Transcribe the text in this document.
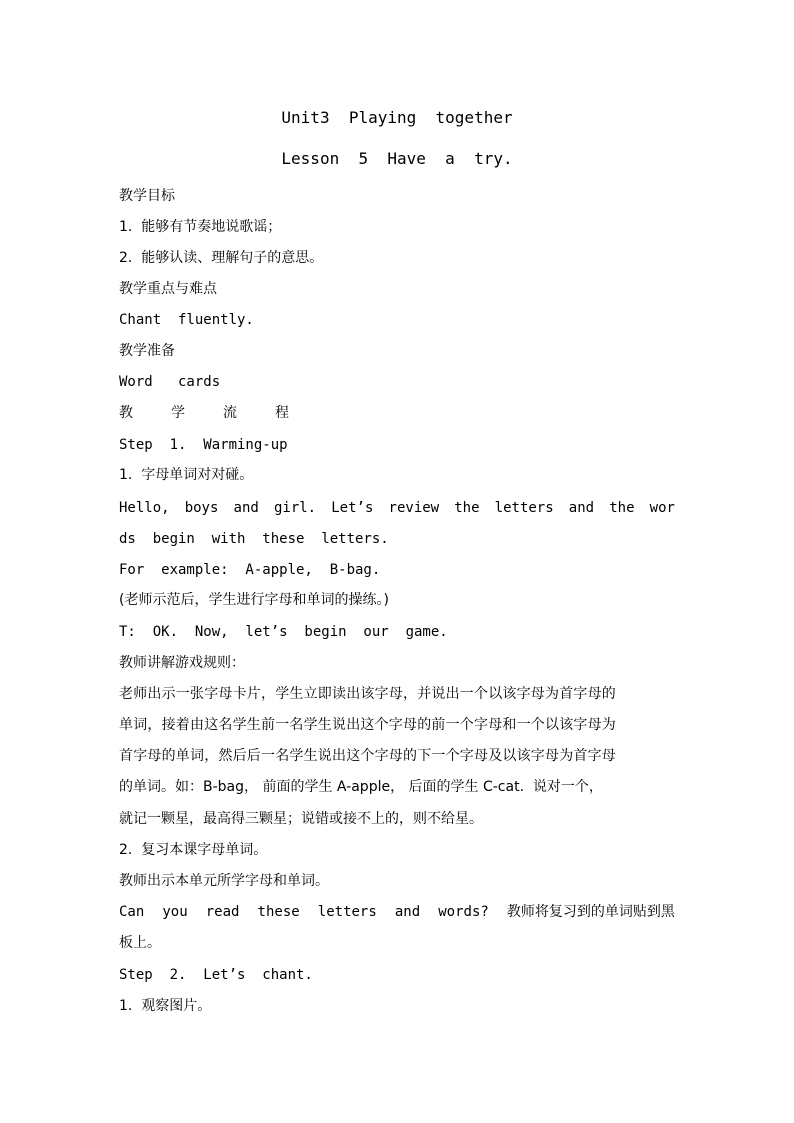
Unit3  Playing  together
Lesson  5  Have  a  try.
教学目标
1.  能够有节奏地说歌谣；
2.  能够认读、理解句子的意思。
教学重点与难点
Chant  fluently.
教学准备
Word   cards
教	学	流	程
Step  1.  Warming-up
1.  字母单词对对碰。
Hello, boys and girl. Let’s review the letters and the wor
ds  begin  with  these  letters.
For  example:  A-apple,  B-bag.
(老师示范后，学生进行字母和单词的操练。)
T:  OK.  Now,  let’s  begin  our  game.
教师讲解游戏规则：
老师出示一张字母卡片，学生立即读出该字母，并说出一个以该字母为首字母的
单词，接着由这名学生前一名学生说出这个字母的前一个字母和一个以该字母为
首字母的单词，然后后一名学生说出这个字母的下一个字母及以该字母为首字母
的单词。如：B-bag， 前面的学生 A-apple， 后面的学生 C-cat.  说对一个，
就记一颗星，最高得三颗星；说错或接不上的，则不给星。
2.  复习本课字母单词。
教师出示本单元所学字母和单词。
Can you read these letters and words? 教师将复习到的单词贴到黑
板上。
Step  2.  Let’s  chant.
1.  观察图片。
